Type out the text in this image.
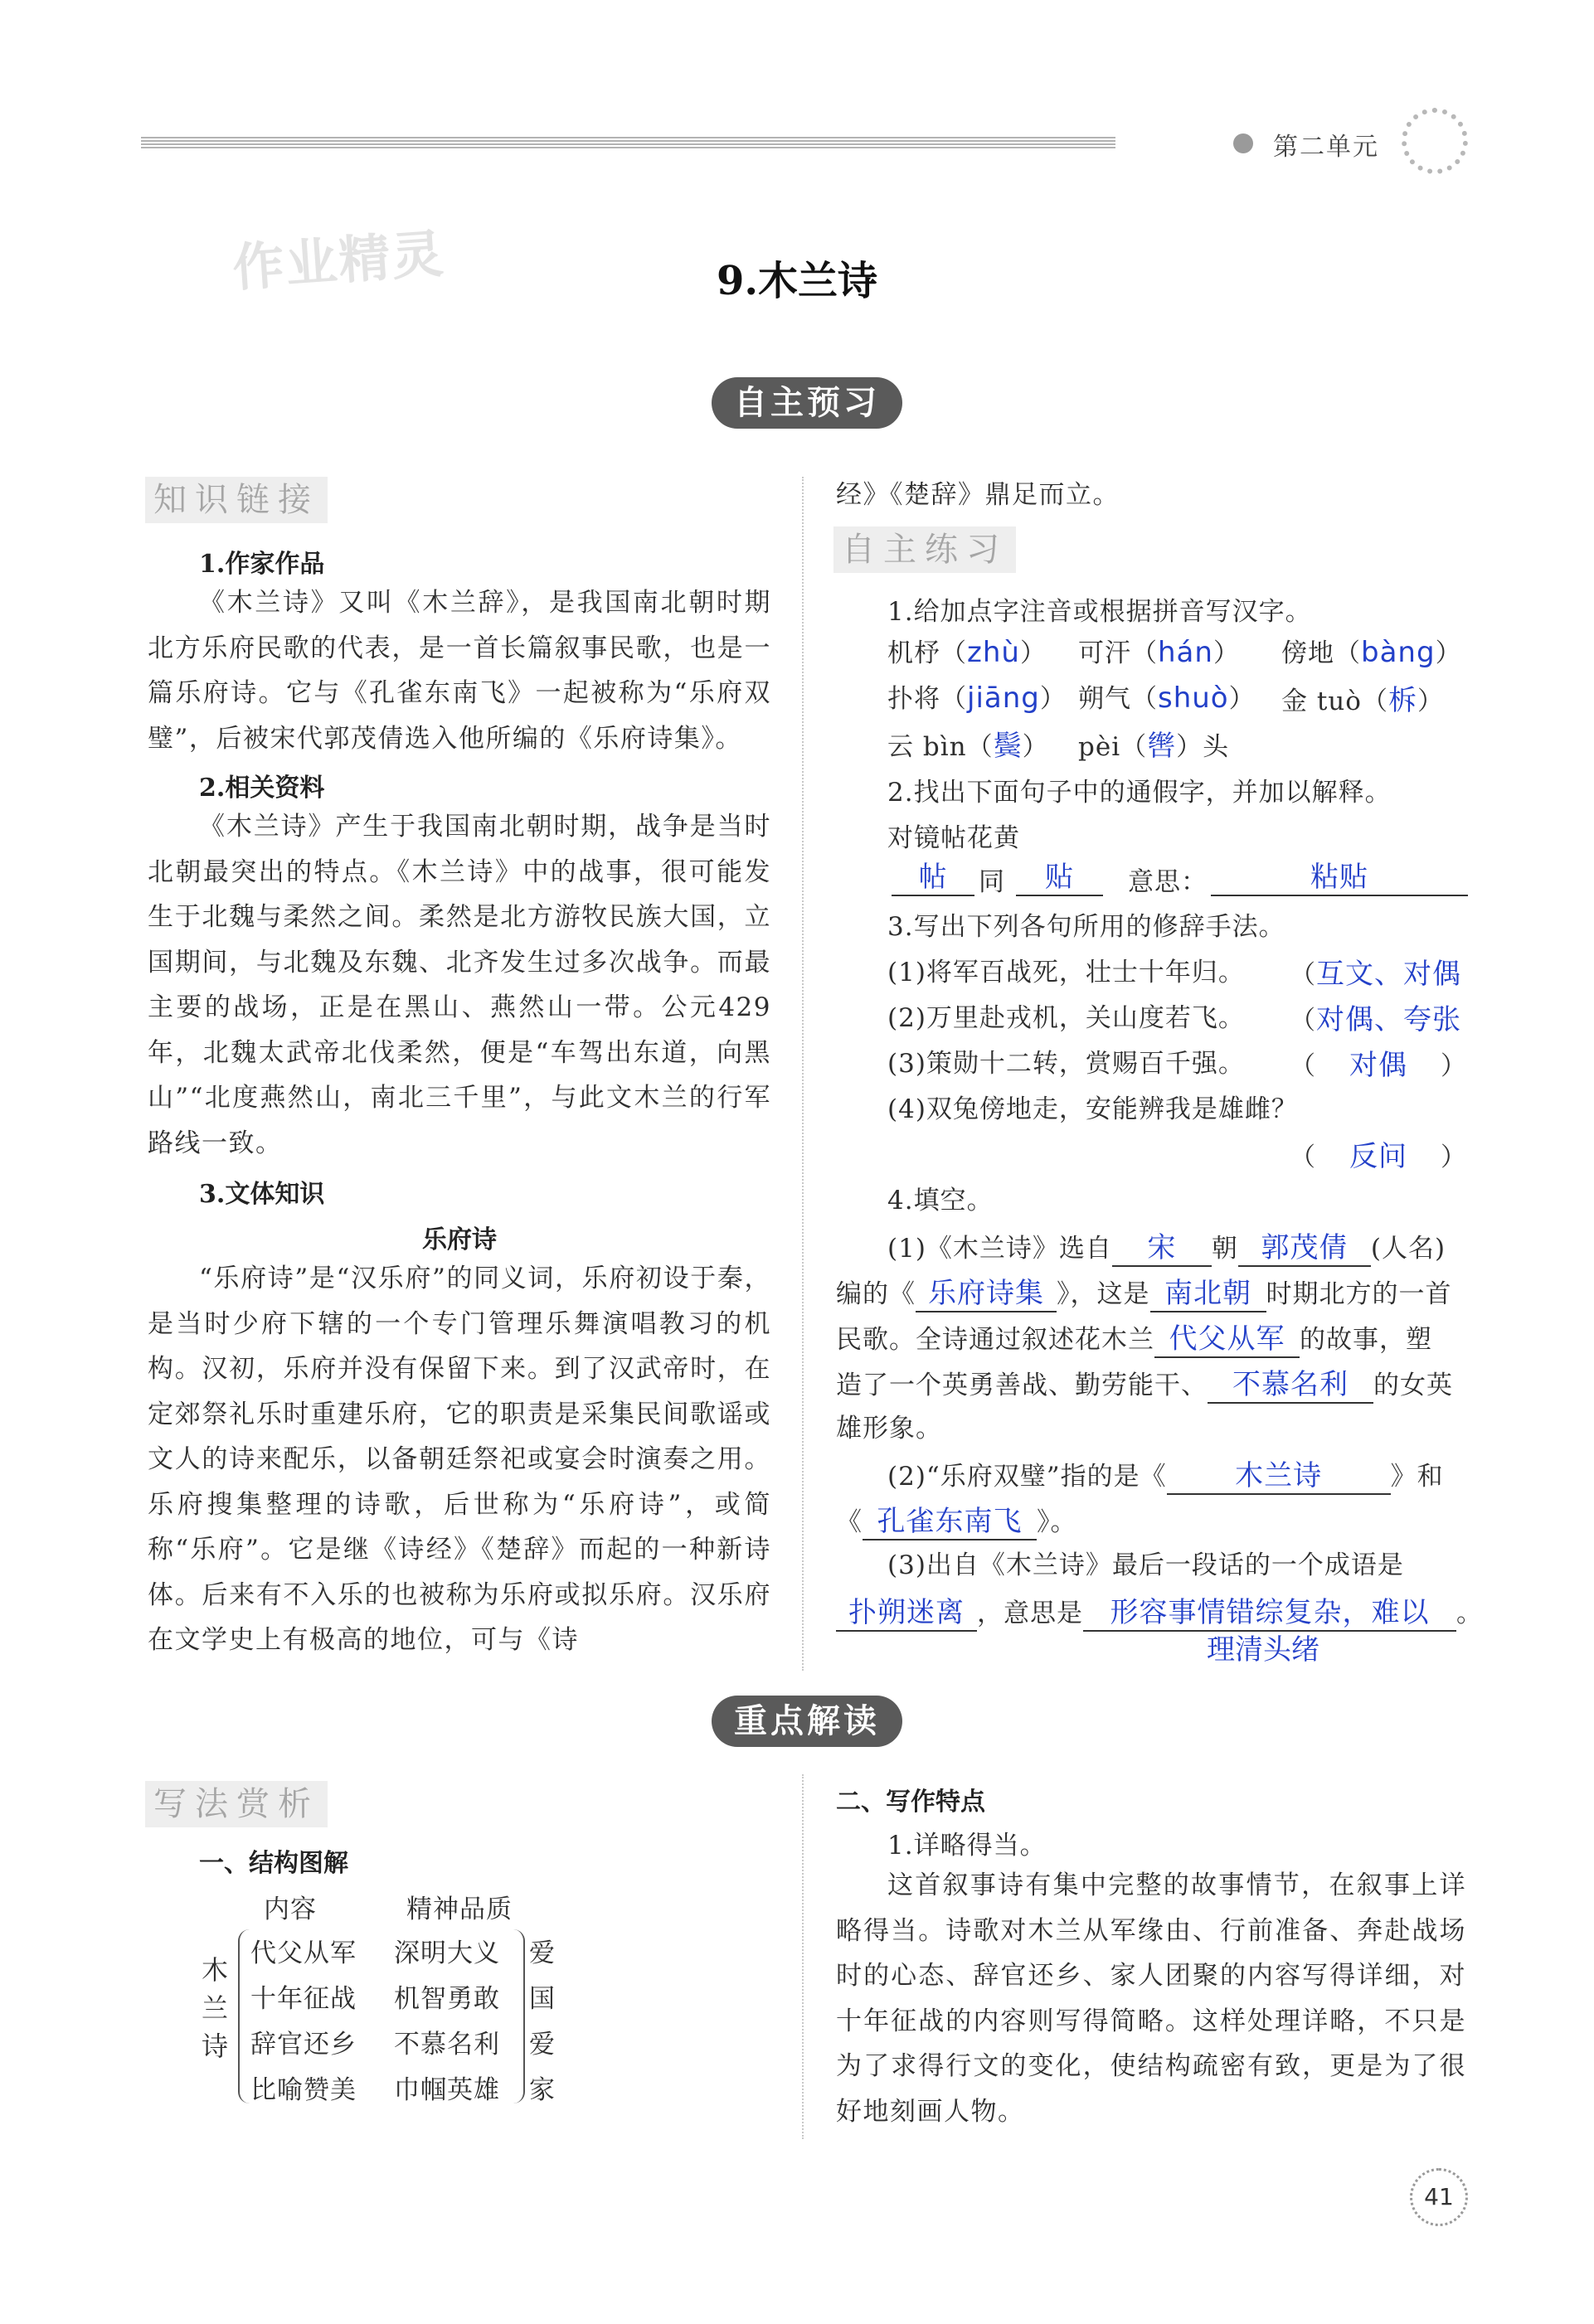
第二单元
作业精灵	9.木兰诗
自主预习
知识链接
1.作家作品
《木兰诗》又叫《木兰辞》，是我国南北朝时期北方乐府民歌的代表，是一首长篇叙事民歌，也是一篇乐府诗。它与《孔雀东南飞》一起被称为“乐府双璧”，后被宋代郭茂倩选入他所编的《乐府诗集》。
2.相关资料
《木兰诗》产生于我国南北朝时期，战争是当时北朝最突出的特点。《木兰诗》中的战事，很可能发生于北魏与柔然之间。柔然是北方游牧民族大国，立国期间，与北魏及东魏、北齐发生过多次战争。而最主要的战场，正是在黑山、燕然山一带。公元429年，北魏太武帝北伐柔然，便是“车驾出东道，向黑山”“北度燕然山，南北三千里”，与此文木兰的行军路线一致。
3.文体知识
乐府诗
“乐府诗”是“汉乐府”的同义词，乐府初设于秦，是当时少府下辖的一个专门管理乐舞演唱教习的机构。汉初，乐府并没有保留下来。到了汉武帝时，在定郊祭礼乐时重建乐府，它的职责是采集民间歌谣或文人的诗来配乐，以备朝廷祭祀或宴会时演奏之用。乐府搜集整理的诗歌，后世称为“乐府诗”，或简称“乐府”。它是继《诗经》《楚辞》而起的一种新诗体。后来有不入乐的也被称为乐府或拟乐府。汉乐府在文学史上有极高的地位，可与《诗
经》《楚辞》鼎足而立。
自主练习
1.给加点字注音或根据拼音写汉字。
机杼（zhù） 可汗（hán） 傍地（bàng）
扑将（jiāng） 朔气（shuò） 金 tuò（柝）
云 bìn（鬓） pèi（辔）头
2.找出下面句子中的通假字，并加以解释。
对镜帖花黄
帖	同	贴	意思：	粘贴
3.写出下列各句所用的修辞手法。
(1)将军百战死，壮士十年归。 （互文、对偶
(2)万里赴戎机，关山度若飞。 （对偶、夸张
(3)策勋十二转，赏赐百千强。 （ 对偶 ）
(4)双兔傍地走，安能辨我是雄雌？
（ 反问 ）
4.填空。
(1)《木兰诗》选自 宋 朝 郭茂倩 (人名)
编的《 乐府诗集 》，这是 南北朝 时期北方的一首
民歌。全诗通过叙述花木兰 代父从军 的故事，塑
造了一个英勇善战、勤劳能干、 不慕名利 的女英
雄形象。
(2)“乐府双璧”指的是《 木兰诗	》和
《 孔雀东南飞 》。
(3)出自《木兰诗》最后一段话的一个成语是
扑朔迷离 ，意思是 形容事情错综复杂，难以 。
理清头绪
重点解读
写法赏析
一、结构图解
内容	精神品质
木兰诗
代父从军 深明大义
十年征战 机智勇敢
辞官还乡 不慕名利
比喻赞美 巾帼英雄
爱
国
爱
家
二、写作特点
1.详略得当。
这首叙事诗有集中完整的故事情节，在叙事上详略得当。诗歌对木兰从军缘由、行前准备、奔赴战场时的心态、辞官还乡、家人团聚的内容写得详细，对十年征战的内容则写得简略。这样处理详略，不只是为了求得行文的变化，使结构疏密有致，更是为了很好地刻画人物。
41
